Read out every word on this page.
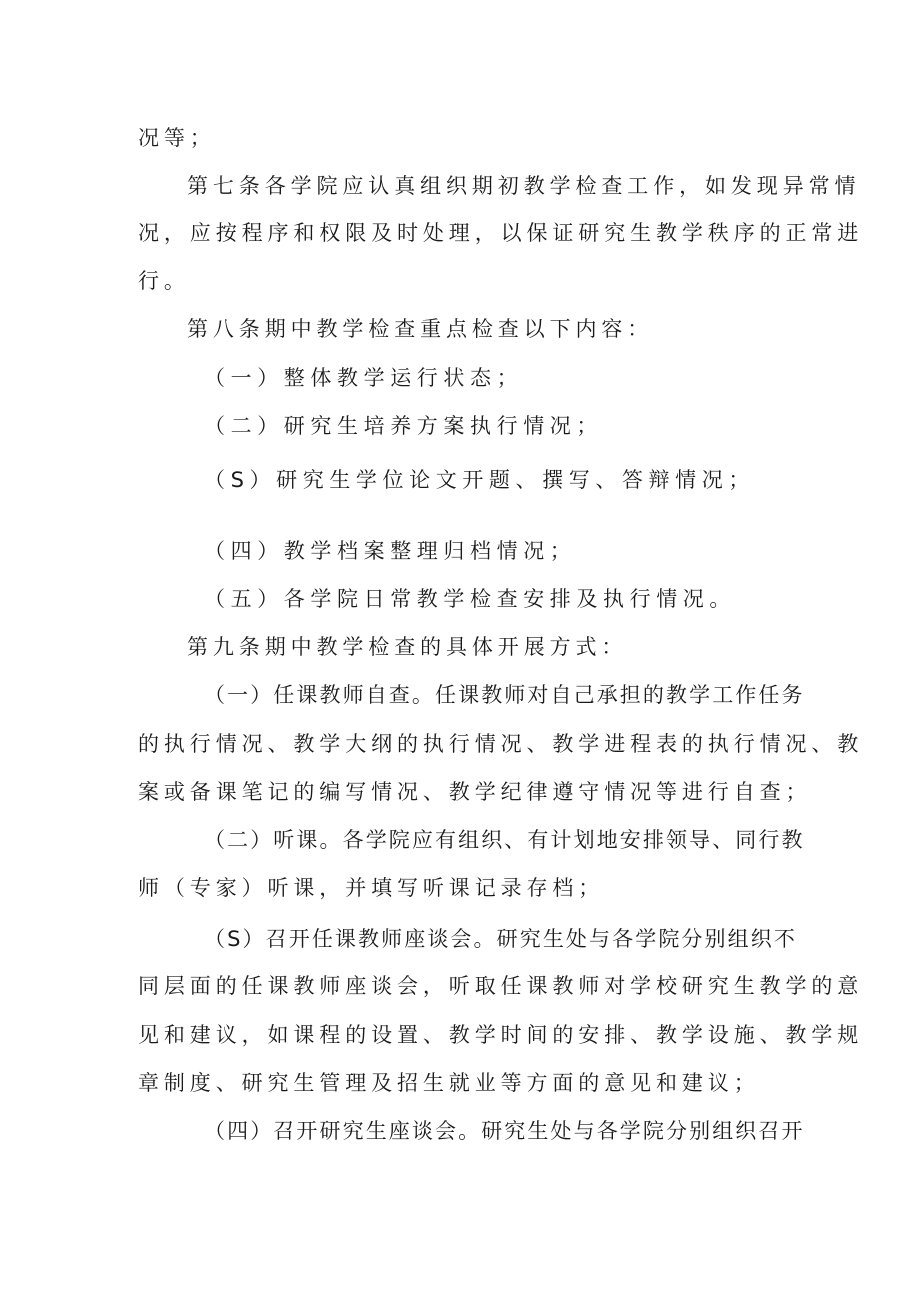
况等；

第七条各学院应认真组织期初教学检查工作，如发现异常情

况，应按程序和权限及时处理，以保证研究生教学秩序的正常进

行。

第八条期中教学检查重点检查以下内容：

（一）整体教学运行状态；

（二）研究生培养方案执行情况；

（S）研究生学位论文开题、撰写、答辩情况；

（四）教学档案整理归档情况；

（五）各学院日常教学检查安排及执行情况。

第九条期中教学检查的具体开展方式：

（一）任课教师自查。任课教师对自己承担的教学工作任务

的执行情况、教学大纲的执行情况、教学进程表的执行情况、教

案或备课笔记的编写情况、教学纪律遵守情况等进行自查；

（二）听课。各学院应有组织、有计划地安排领导、同行教

师（专家）听课，并填写听课记录存档；

（S）召开任课教师座谈会。研究生处与各学院分别组织不

同层面的任课教师座谈会，听取任课教师对学校研究生教学的意

见和建议，如课程的设置、教学时间的安排、教学设施、教学规

章制度、研究生管理及招生就业等方面的意见和建议；

（四）召开研究生座谈会。研究生处与各学院分别组织召开
